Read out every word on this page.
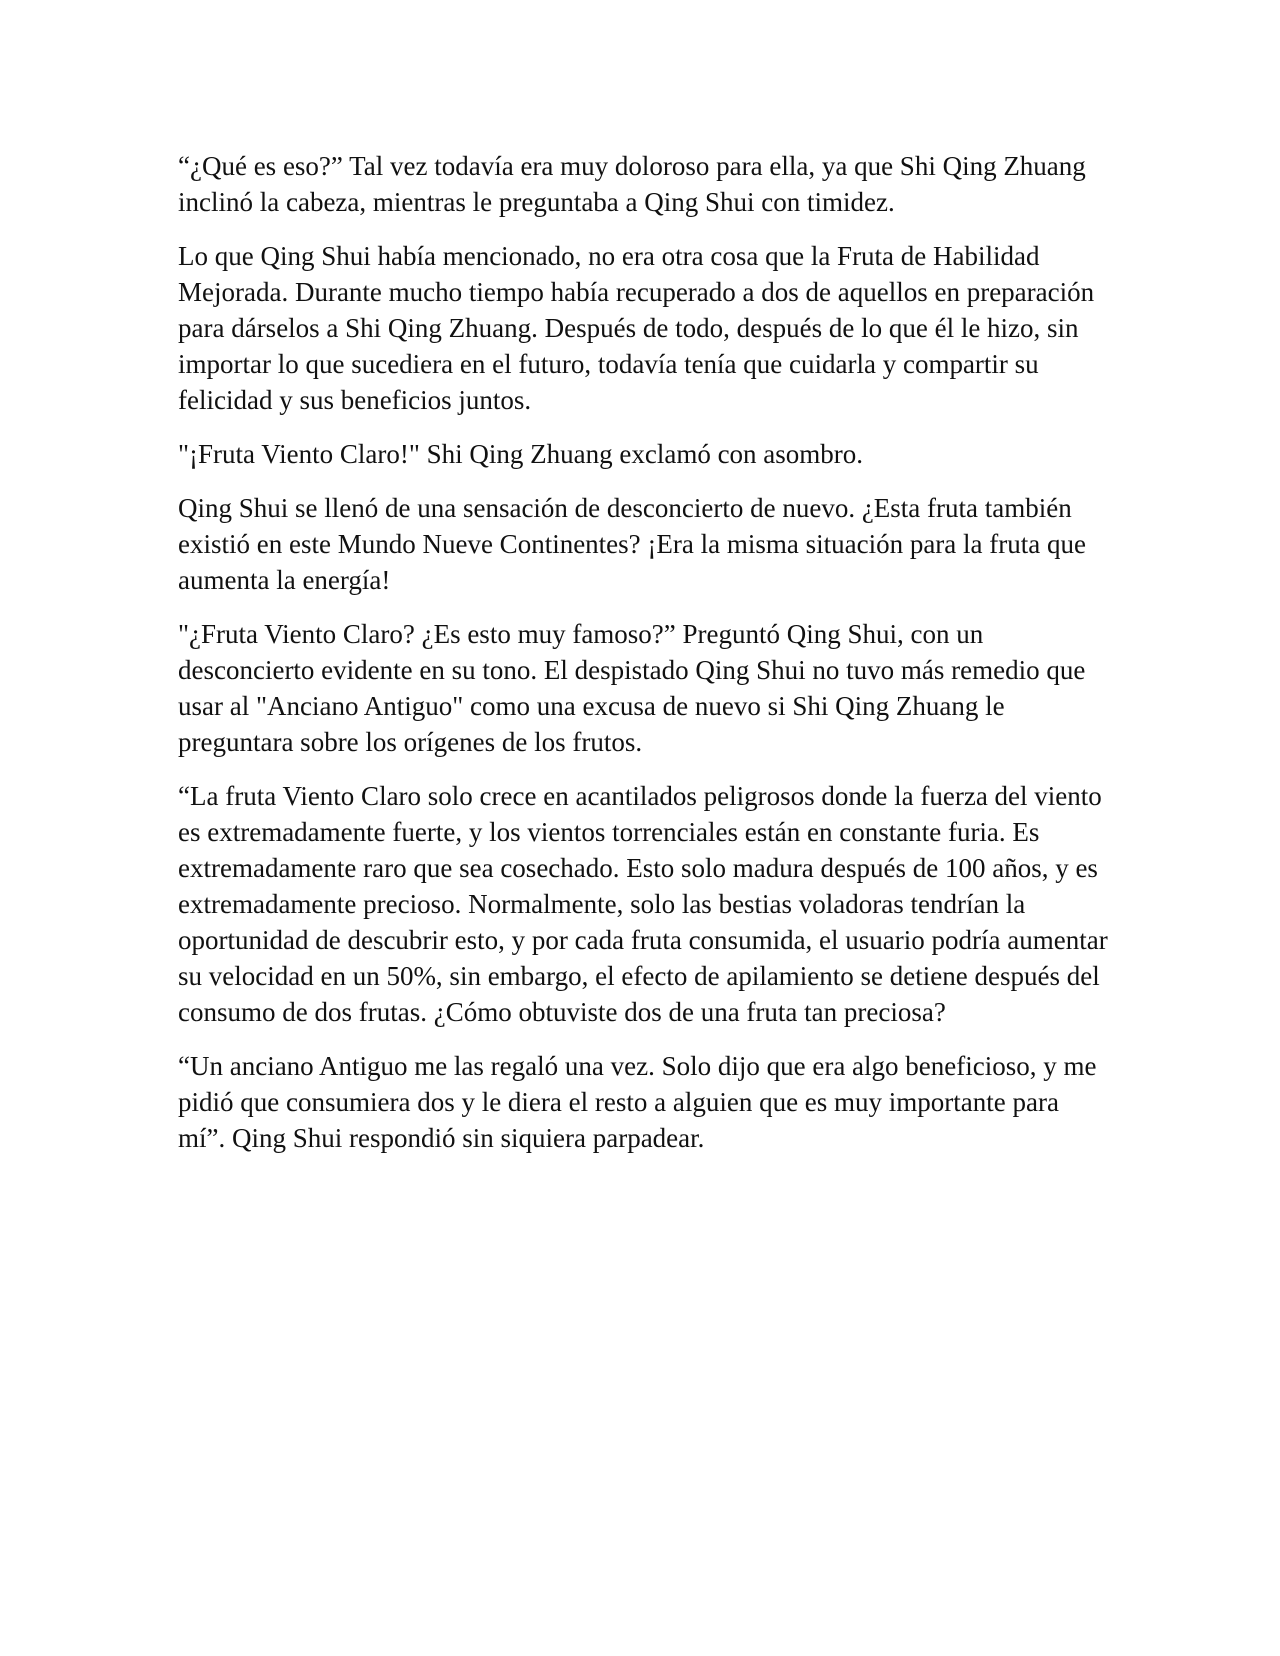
“¿Qué es eso?” Tal vez todavía era muy doloroso para ella, ya que Shi Qing Zhuang inclinó la cabeza, mientras le preguntaba a Qing Shui con timidez.

Lo que Qing Shui había mencionado, no era otra cosa que la Fruta de Habilidad Mejorada. Durante mucho tiempo había recuperado a dos de aquellos en preparación para dárselos a Shi Qing Zhuang. Después de todo, después de lo que él le hizo, sin importar lo que sucediera en el futuro, todavía tenía que cuidarla y compartir su felicidad y sus beneficios juntos.

"¡Fruta Viento Claro!" Shi Qing Zhuang exclamó con asombro.

Qing Shui se llenó de una sensación de desconcierto de nuevo. ¿Esta fruta también existió en este Mundo Nueve Continentes? ¡Era la misma situación para la fruta que aumenta la energía!

"¿Fruta Viento Claro? ¿Es esto muy famoso?” Preguntó Qing Shui, con un desconcierto evidente en su tono. El despistado Qing Shui no tuvo más remedio que usar al "Anciano Antiguo" como una excusa de nuevo si Shi Qing Zhuang le preguntara sobre los orígenes de los frutos.

“La fruta Viento Claro solo crece en acantilados peligrosos donde la fuerza del viento es extremadamente fuerte, y los vientos torrenciales están en constante furia. Es extremadamente raro que sea cosechado. Esto solo madura después de 100 años, y es extremadamente precioso. Normalmente, solo las bestias voladoras tendrían la oportunidad de descubrir esto, y por cada fruta consumida, el usuario podría aumentar su velocidad en un 50%, sin embargo, el efecto de apilamiento se detiene después del consumo de dos frutas. ¿Cómo obtuviste dos de una fruta tan preciosa?

“Un anciano Antiguo me las regaló una vez. Solo dijo que era algo beneficioso, y me pidió que consumiera dos y le diera el resto a alguien que es muy importante para mí”. Qing Shui respondió sin siquiera parpadear.
